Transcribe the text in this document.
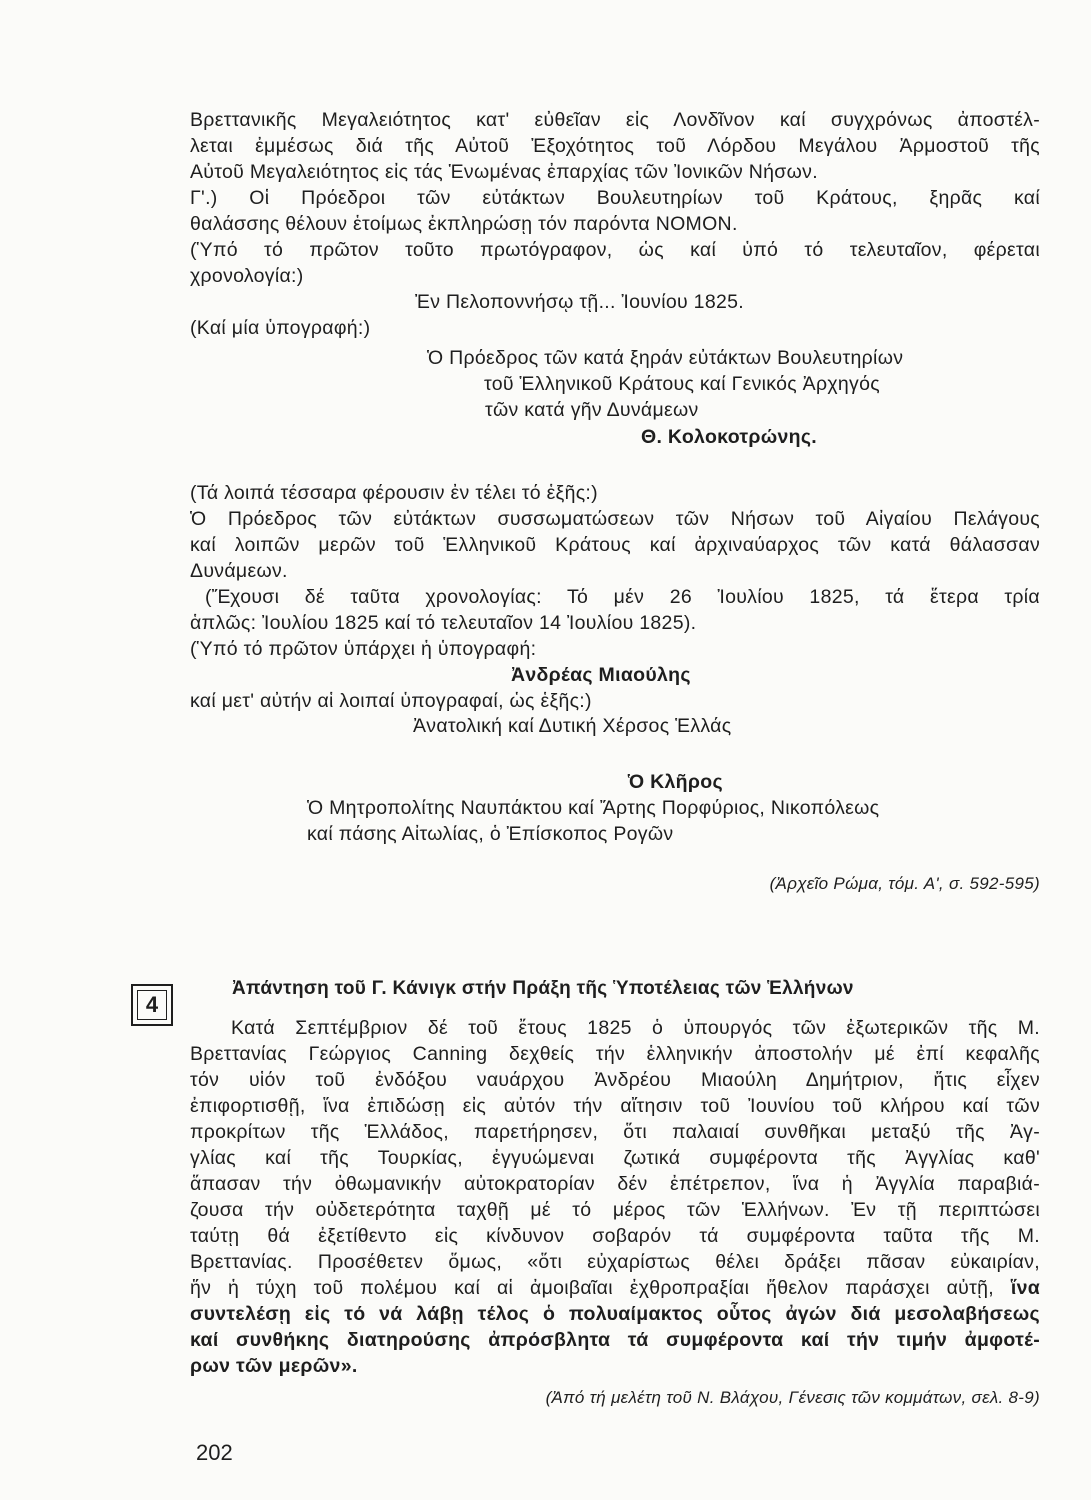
Βρεττανικῆς Μεγαλειότητος κατ' εὐθεῖαν εἰς Λονδῖνον καί συγχρόνως ἀποστέλ-
λεται ἐμμέσως διά τῆς Αὐτοῦ Ἐξοχότητος τοῦ Λόρδου Μεγάλου Ἁρμοστοῦ τῆς
Αὐτοῦ Μεγαλειότητος εἰς τάς Ἑνωμένας ἐπαρχίας τῶν Ἰονικῶν Νήσων.
Γ'.) Οἱ Πρόεδροι τῶν εὐτάκτων Βουλευτηρίων τοῦ Κράτους, ξηρᾶς καί
θαλάσσης θέλουν ἑτοίμως ἐκπληρώσῃ τόν παρόντα ΝΟΜΟΝ.
(Ὑπό τό πρῶτον τοῦτο πρωτόγραφον, ὡς καί ὑπό τό τελευταῖον, φέρεται
χρονολογία:)
Ἐν Πελοποννήσῳ τῇ... Ἰουνίου 1825.
(Καί μία ὑπογραφή:)
Ὁ Πρόεδρος τῶν κατά ξηράν εὐτάκτων Βουλευτηρίων
τοῦ Ἑλληνικοῦ Κράτους καί Γενικός Ἀρχηγός
τῶν κατά γῆν Δυνάμεων
Θ. Κολοκοτρώνης.
(Τά λοιπά τέσσαρα φέρουσιν ἐν τέλει τό ἑξῆς:)
Ὁ Πρόεδρος τῶν εὐτάκτων συσσωματώσεων τῶν Νήσων τοῦ Αἰγαίου Πελάγους
καί λοιπῶν μερῶν τοῦ Ἑλληνικοῦ Κράτους καί ἀρχιναύαρχος τῶν κατά θάλασσαν
Δυνάμεων.
(Ἔχουσι δέ ταῦτα χρονολογίας: Τό μέν 26 Ἰουλίου 1825, τά ἕτερα τρία
ἁπλῶς: Ἰουλίου 1825 καί τό τελευταῖον 14 Ἰουλίου 1825).
(Ὑπό τό πρῶτον ὑπάρχει ἡ ὑπογραφή:
Ἀνδρέας Μιαούλης
καί μετ' αὐτήν αἱ λοιπαί ὑπογραφαί, ὡς ἑξῆς:)
Ἀνατολική καί Δυτική Χέρσος Ἑλλάς
Ὁ Κλῆρος
Ὁ Μητροπολίτης Ναυπάκτου καί Ἄρτης Πορφύριος, Νικοπόλεως
καί πάσης Αἰτωλίας, ὁ Ἐπίσκοπος Ρογῶν
(Ἀρχεῖο Ρώμα, τόμ. Α', σ. 592-595)
4
Ἀπάντηση τοῦ Γ. Κάνιγκ στήν Πράξη τῆς Ὑποτέλειας τῶν Ἑλλήνων
Κατά Σεπτέμβριον δέ τοῦ ἔτους 1825 ὁ ὑπουργός τῶν ἐξωτερικῶν τῆς Μ.
Βρεττανίας Γεώργιος Canning δεχθείς τήν ἑλληνικήν ἀποστολήν μέ ἐπί κεφαλῆς
τόν υἱόν τοῦ ἐνδόξου ναυάρχου Ἀνδρέου Μιαούλη Δημήτριον, ἥτις εἶχεν
ἐπιφορτισθῇ, ἵνα ἐπιδώσῃ εἰς αὐτόν τήν αἴτησιν τοῦ Ἰουνίου τοῦ κλήρου καί τῶν
προκρίτων τῆς Ἑλλάδος, παρετήρησεν, ὅτι παλαιαί συνθῆκαι μεταξύ τῆς Ἀγ-
γλίας καί τῆς Τουρκίας, ἐγγυώμεναι ζωτικά συμφέροντα τῆς Ἀγγλίας καθ'
ἅπασαν τήν ὀθωμανικήν αὐτοκρατορίαν δέν ἐπέτρεπον, ἵνα ἡ Ἀγγλία παραβιά-
ζουσα τήν οὐδετερότητα ταχθῇ μέ τό μέρος τῶν Ἑλλήνων. Ἐν τῇ περιπτώσει
ταύτῃ θά ἐξετίθεντο εἰς κίνδυνον σοβαρόν τά συμφέροντα ταῦτα τῆς Μ.
Βρεττανίας. Προσέθετεν ὅμως, «ὅτι εὐχαρίστως θέλει δράξει πᾶσαν εὐκαιρίαν,
ἥν ἡ τύχη τοῦ πολέμου καί αἱ ἀμοιβαῖαι ἐχθροπραξίαι ἤθελον παράσχει αὐτῇ, ἵνα
συντελέσῃ εἰς τό νά λάβῃ τέλος ὁ πολυαίμακτος οὗτος ἀγών διά μεσολαβήσεως
καί συνθήκης διατηρούσης ἀπρόσβλητα τά συμφέροντα καί τήν τιμήν ἀμφοτέ-
ρων τῶν μερῶν».
(Ἀπό τή μελέτη τοῦ Ν. Βλάχου, Γένεσις τῶν κομμάτων, σελ. 8-9)
202
